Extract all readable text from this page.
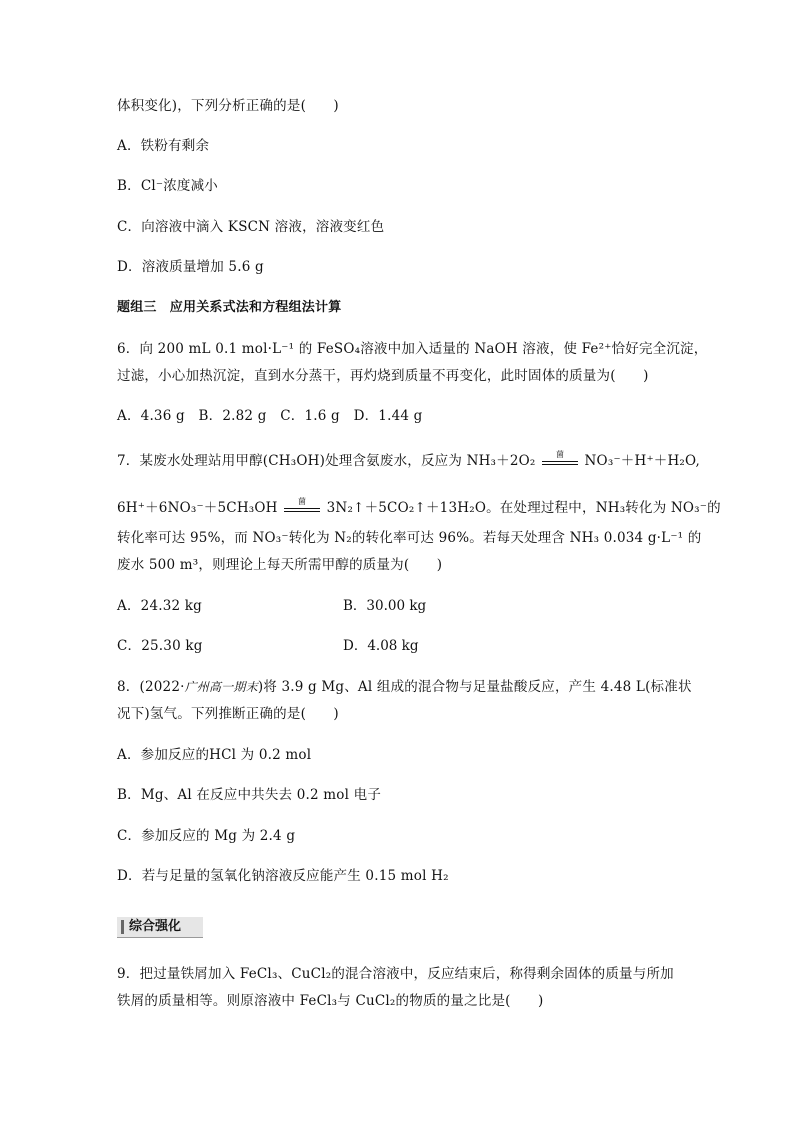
体积变化)，下列分析正确的是(　　)
A．铁粉有剩余
B．Cl⁻浓度减小
C．向溶液中滴入 KSCN 溶液，溶液变红色
D．溶液质量增加 5.6 g
题组三　应用关系式法和方程组法计算
6．向 200 mL 0.1 mol·L⁻¹ 的 FeSO₄溶液中加入适量的 NaOH 溶液，使 Fe²⁺恰好完全沉淀，
过滤，小心加热沉淀，直到水分蒸干，再灼烧到质量不再变化，此时固体的质量为(　　)
A．4.36 g　B．2.82 g　C．1.6 g　D．1.44 g
7．某废水处理站用甲醇(CH₃OH)处理含氨废水，反应为 NH₃＋2O₂	菌	NO₃⁻＋H⁺＋H₂O,
6H⁺＋6NO₃⁻＋5CH₃OH	菌	3N₂↑＋5CO₂↑＋13H₂O。在处理过程中，NH₃转化为 NO₃⁻的
转化率可达 95%，而 NO₃⁻转化为 N₂的转化率可达 96%。若每天处理含 NH₃ 0.034 g·L⁻¹ 的
废水 500 m³，则理论上每天所需甲醇的质量为(　　)
A．24.32 kg	B．30.00 kg
C．25.30 kg	D．4.08 kg
8．(2022·广州高一期末)将 3.9 g Mg、Al 组成的混合物与足量盐酸反应，产生 4.48 L(标准状
况下)氢气。下列推断正确的是(　　)
A．参加反应的HCl 为 0.2 mol
B．Mg、Al 在反应中共失去 0.2 mol 电子
C．参加反应的 Mg 为 2.4 g
D．若与足量的氢氧化钠溶液反应能产生 0.15 mol H₂
综合强化
9．把过量铁屑加入 FeCl₃、CuCl₂的混合溶液中，反应结束后，称得剩余固体的质量与所加
铁屑的质量相等。则原溶液中 FeCl₃与 CuCl₂的物质的量之比是(　　)
